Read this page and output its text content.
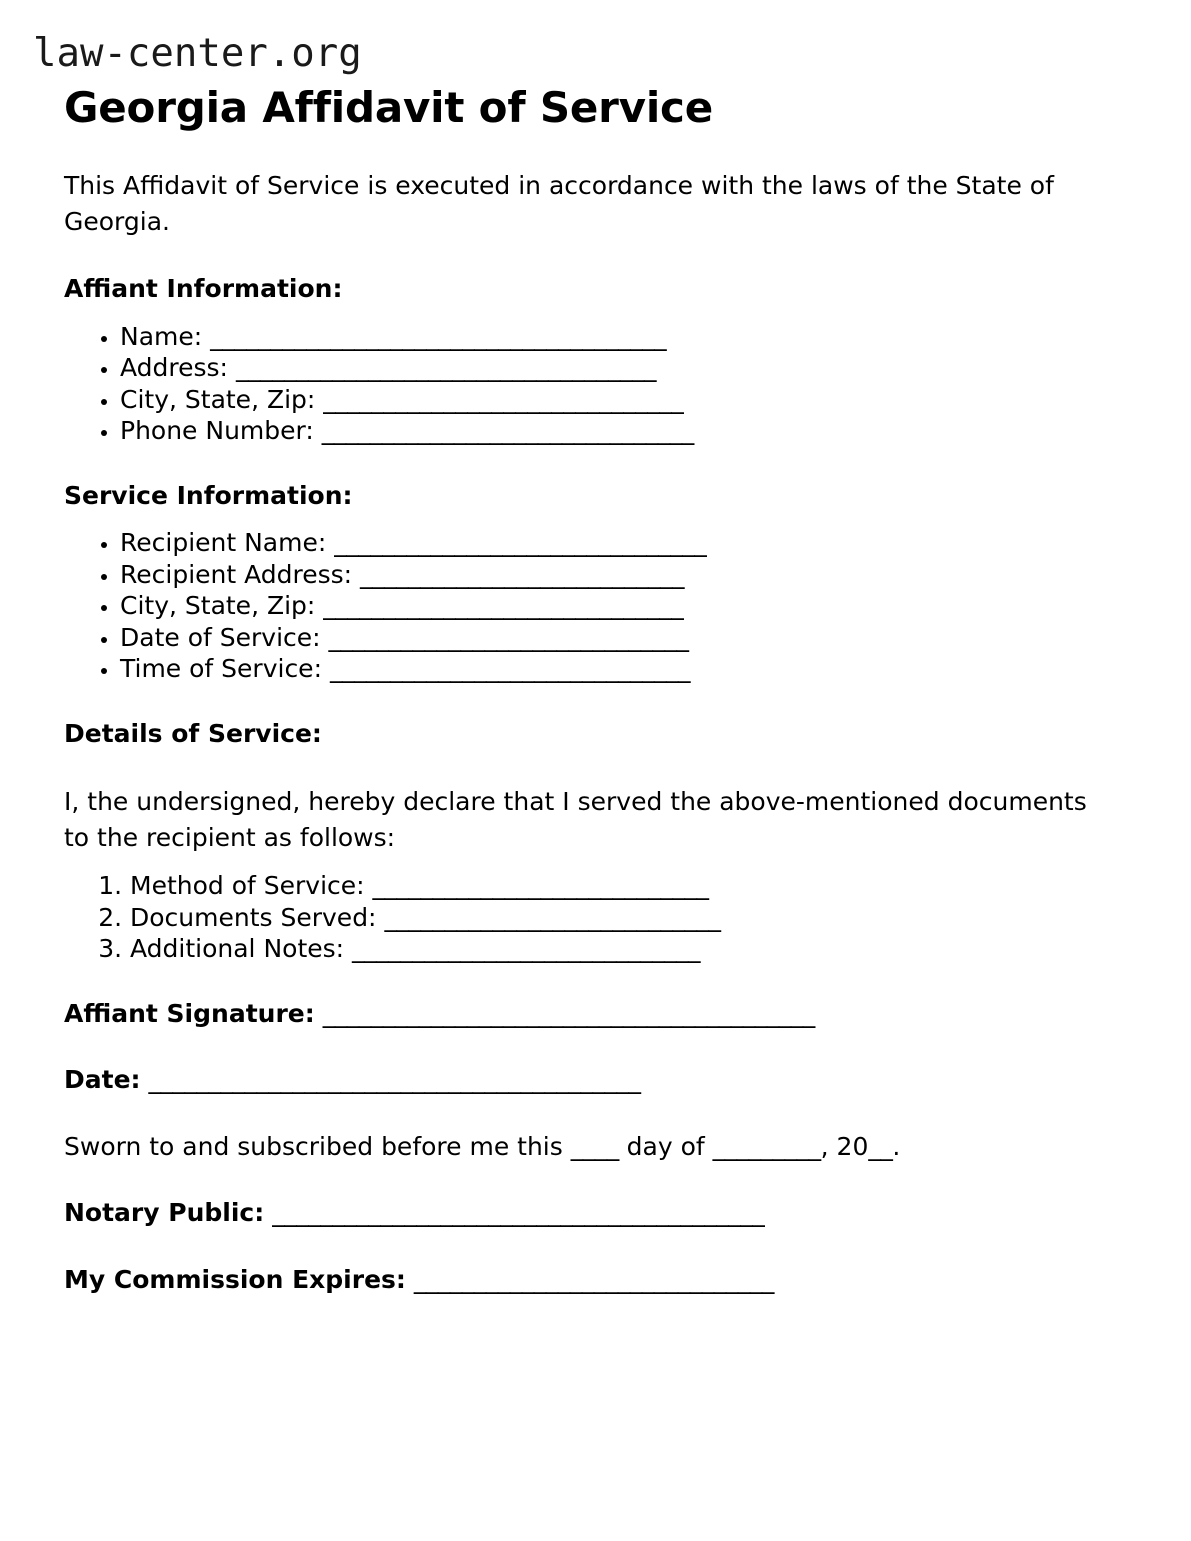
law-center.org
Georgia Affidavit of Service

This Affidavit of Service is executed in accordance with the laws of the State of Georgia.

Affiant Information:
• Name: ______________________________________
• Address: ___________________________________
• City, State, Zip: ______________________________
• Phone Number: _______________________________
Service Information:
• Recipient Name: _______________________________
• Recipient Address: ___________________________
• City, State, Zip: ______________________________
• Date of Service: ______________________________
• Time of Service: ______________________________
Details of Service:

I, the undersigned, hereby declare that I served the above-mentioned documents to the recipient as follows:

1. Method of Service: ____________________________
2. Documents Served: ____________________________
3. Additional Notes: _____________________________

Affiant Signature: _________________________________________

Date: _________________________________________

Sworn to and subscribed before me this ____ day of _________, 20__.

Notary Public: _________________________________________

My Commission Expires: ______________________________
